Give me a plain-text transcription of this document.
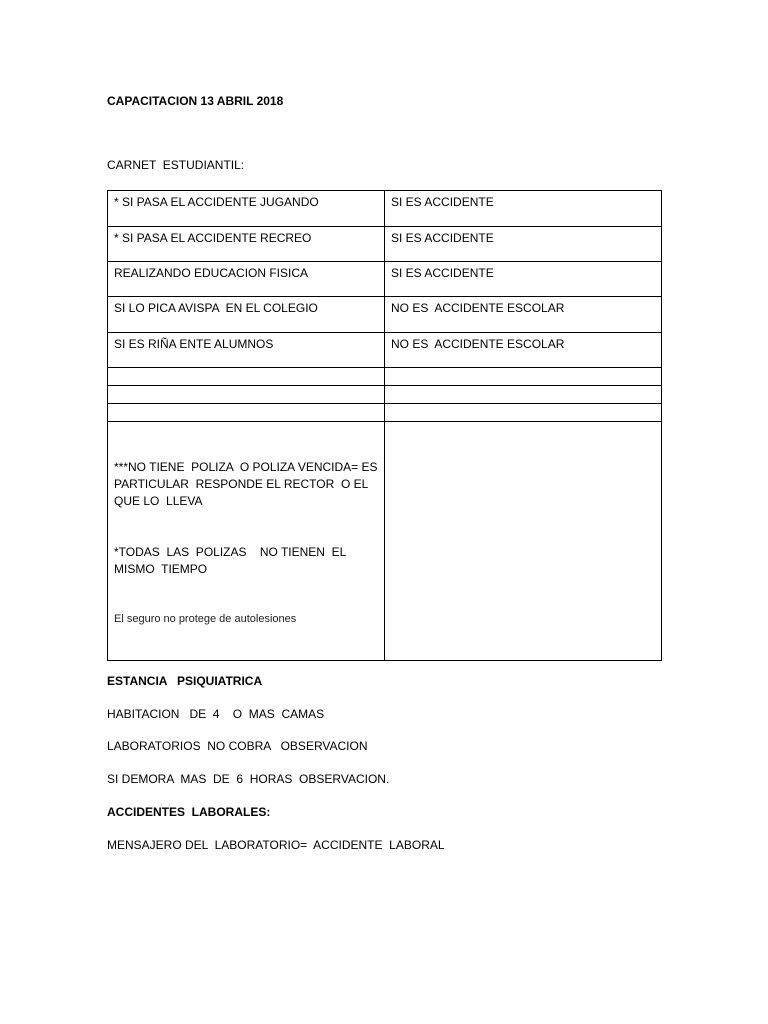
CAPACITACION 13 ABRIL 2018
CARNET  ESTUDIANTIL:
* SI PASA EL ACCIDENTE JUGANDO	SI ES ACCIDENTE
* SI PASA EL ACCIDENTE RECREO	SI ES ACCIDENTE
REALIZANDO EDUCACION FISICA	SI ES ACCIDENTE
SI LO PICA AVISPA  EN EL COLEGIO	NO ES  ACCIDENTE ESCOLAR
SI ES RIÑA ENTE ALUMNOS	NO ES  ACCIDENTE ESCOLAR

***NO TIENE  POLIZA  O POLIZA VENCIDA= ES PARTICULAR  RESPONDE EL RECTOR  O EL QUE LO  LLEVA

*TODAS  LAS  POLIZAS    NO TIENEN  EL MISMO  TIEMPO

El seguro no protege de autolesiones	

ESTANCIA   PSIQUIATRICA
HABITACION   DE  4    O  MAS  CAMAS
LABORATORIOS  NO COBRA   OBSERVACION
SI DEMORA  MAS  DE  6  HORAS  OBSERVACION.
ACCIDENTES  LABORALES:
MENSAJERO DEL  LABORATORIO=  ACCIDENTE  LABORAL
